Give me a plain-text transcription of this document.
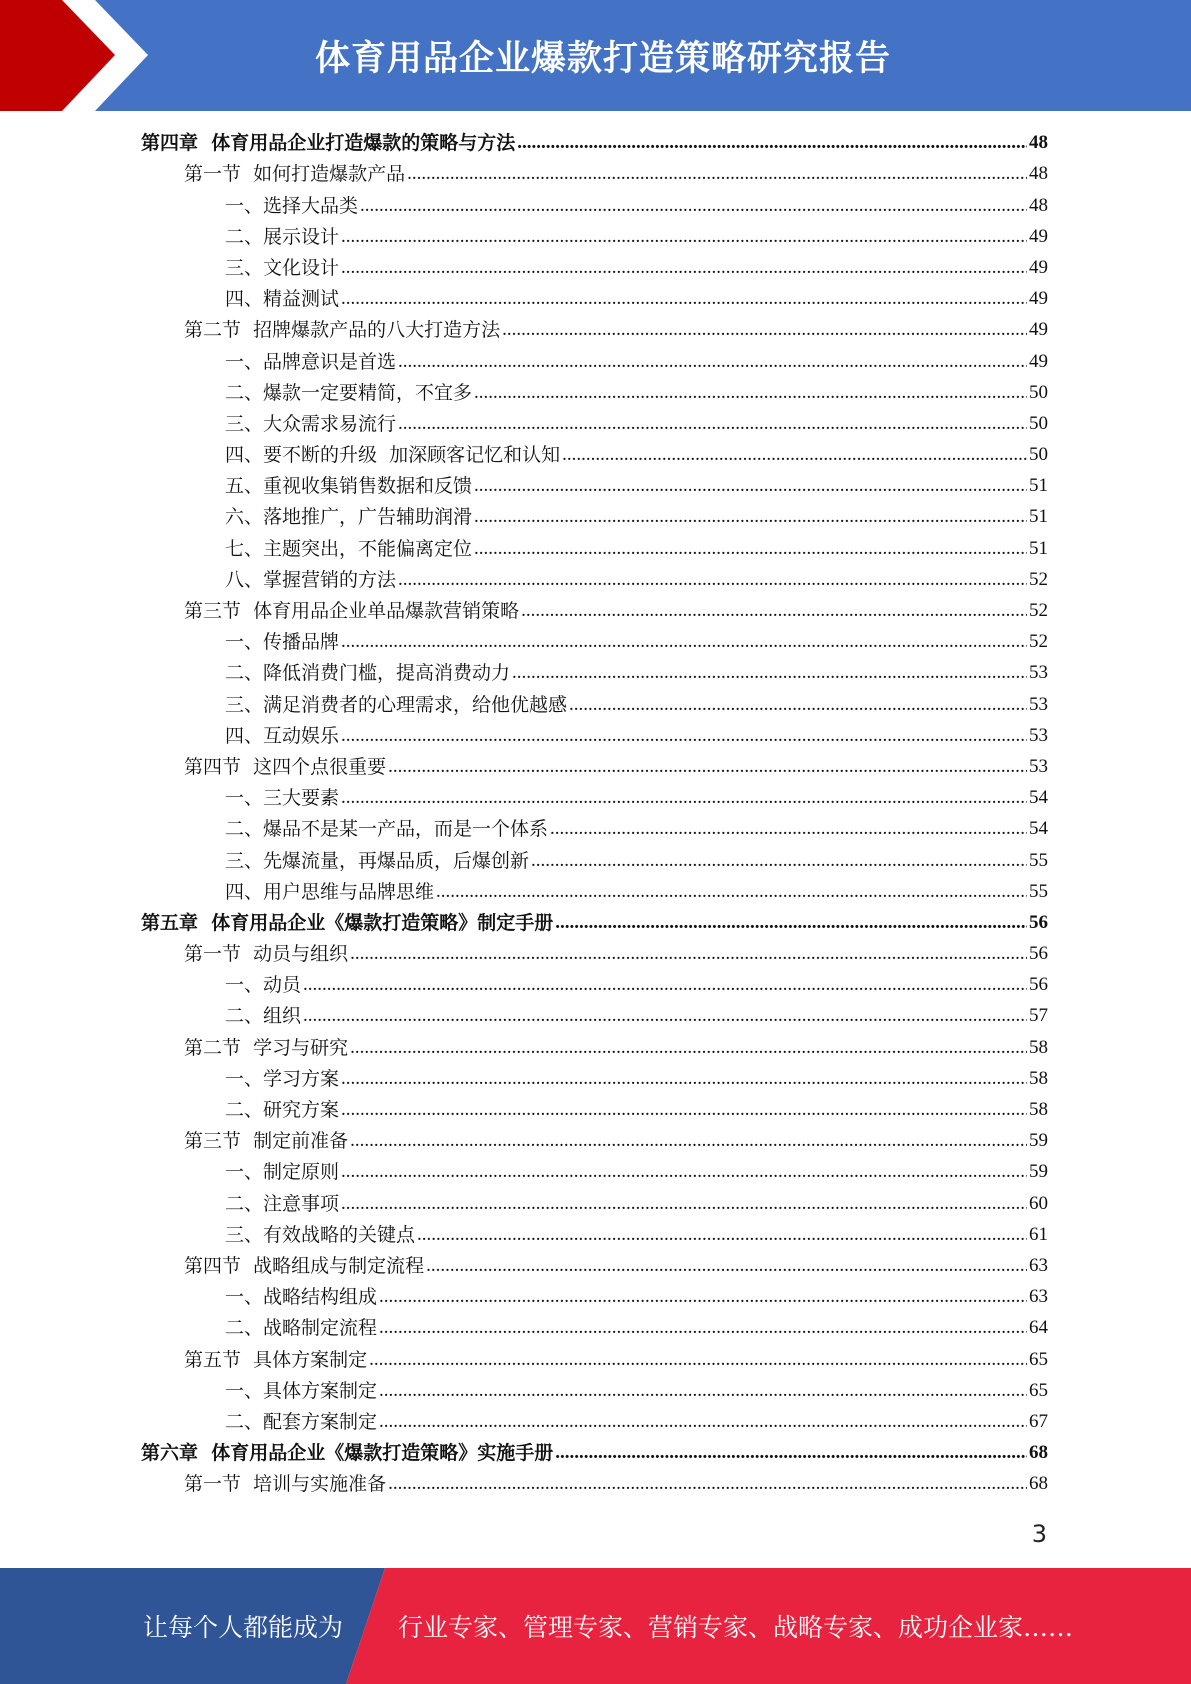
体育用品企业爆款打造策略研究报告
第四章  体育用品企业打造爆款的策略与方法 .....	48
第一节  如何打造爆款产品 .....	48
一、选择大品类 .....	48
二、展示设计 .....	49
三、文化设计 .....	49
四、精益测试 .....	49
第二节  招牌爆款产品的八大打造方法 .....	49
一、品牌意识是首选 .....	49
二、爆款一定要精简，不宜多 .....	50
三、大众需求易流行 .....	50
四、要不断的升级  加深顾客记忆和认知 .....	50
五、重视收集销售数据和反馈 .....	51
六、落地推广，广告辅助润滑 .....	51
七、主题突出，不能偏离定位 .....	51
八、掌握营销的方法 .....	52
第三节  体育用品企业单品爆款营销策略 .....	52
一、传播品牌 .....	52
二、降低消费门槛，提高消费动力 .....	53
三、满足消费者的心理需求，给他优越感 .....	53
四、互动娱乐 .....	53
第四节  这四个点很重要 .....	53
一、三大要素 .....	54
二、爆品不是某一产品，而是一个体系 .....	54
三、先爆流量，再爆品质，后爆创新 .....	55
四、用户思维与品牌思维 .....	55
第五章  体育用品企业《爆款打造策略》制定手册 .....	56
第一节  动员与组织 .....	56
一、动员 .....	56
二、组织 .....	57
第二节  学习与研究 .....	58
一、学习方案 .....	58
二、研究方案 .....	58
第三节  制定前准备 .....	59
一、制定原则 .....	59
二、注意事项 .....	60
三、有效战略的关键点 .....	61
第四节  战略组成与制定流程 .....	63
一、战略结构组成 .....	63
二、战略制定流程 .....	64
第五节  具体方案制定 .....	65
一、具体方案制定 .....	65
二、配套方案制定 .....	67
第六章  体育用品企业《爆款打造策略》实施手册 .....	68
第一节  培训与实施准备 .....	68
3
让每个人都能成为 行业专家、管理专家、营销专家、战略专家、成功企业家……
